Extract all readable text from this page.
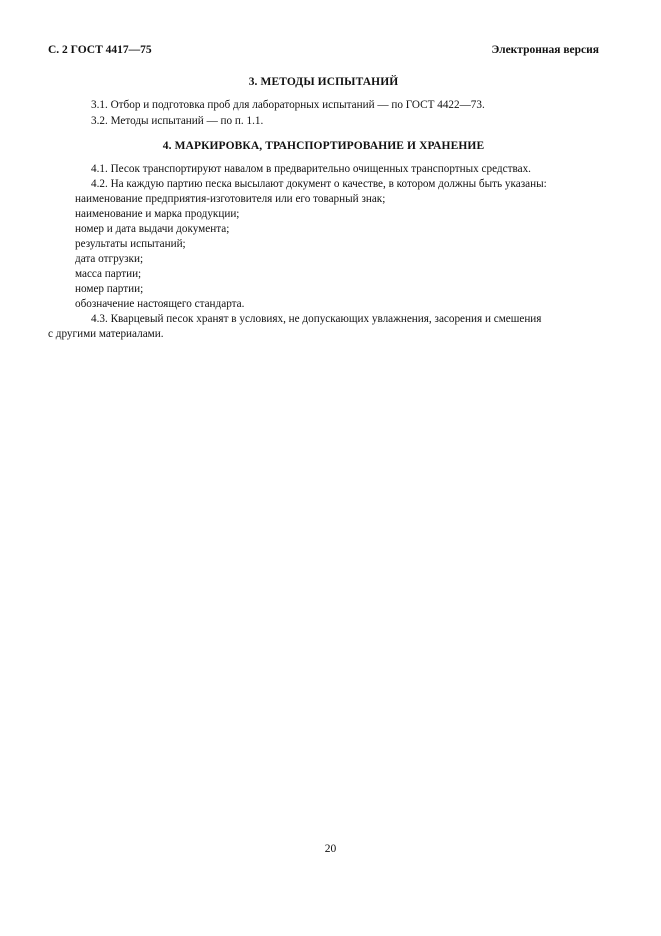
С. 2 ГОСТ 4417—75	Электронная версия
3. МЕТОДЫ ИСПЫТАНИЙ
3.1. Отбор и подготовка проб для лабораторных испытаний — по ГОСТ 4422—73.
3.2. Методы испытаний — по п. 1.1.
4. МАРКИРОВКА, ТРАНСПОРТИРОВАНИЕ И ХРАНЕНИЕ
4.1. Песок транспортируют навалом в предварительно очищенных транспортных средствах.
4.2. На каждую партию песка высылают документ о качестве, в котором должны быть указаны:
наименование предприятия-изготовителя или его товарный знак;
наименование и марка продукции;
номер и дата выдачи документа;
результаты испытаний;
дата отгрузки;
масса партии;
номер партии;
обозначение настоящего стандарта.
4.3. Кварцевый песок хранят в условиях, не допускающих увлажнения, засорения и смешения
с другими материалами.
20
